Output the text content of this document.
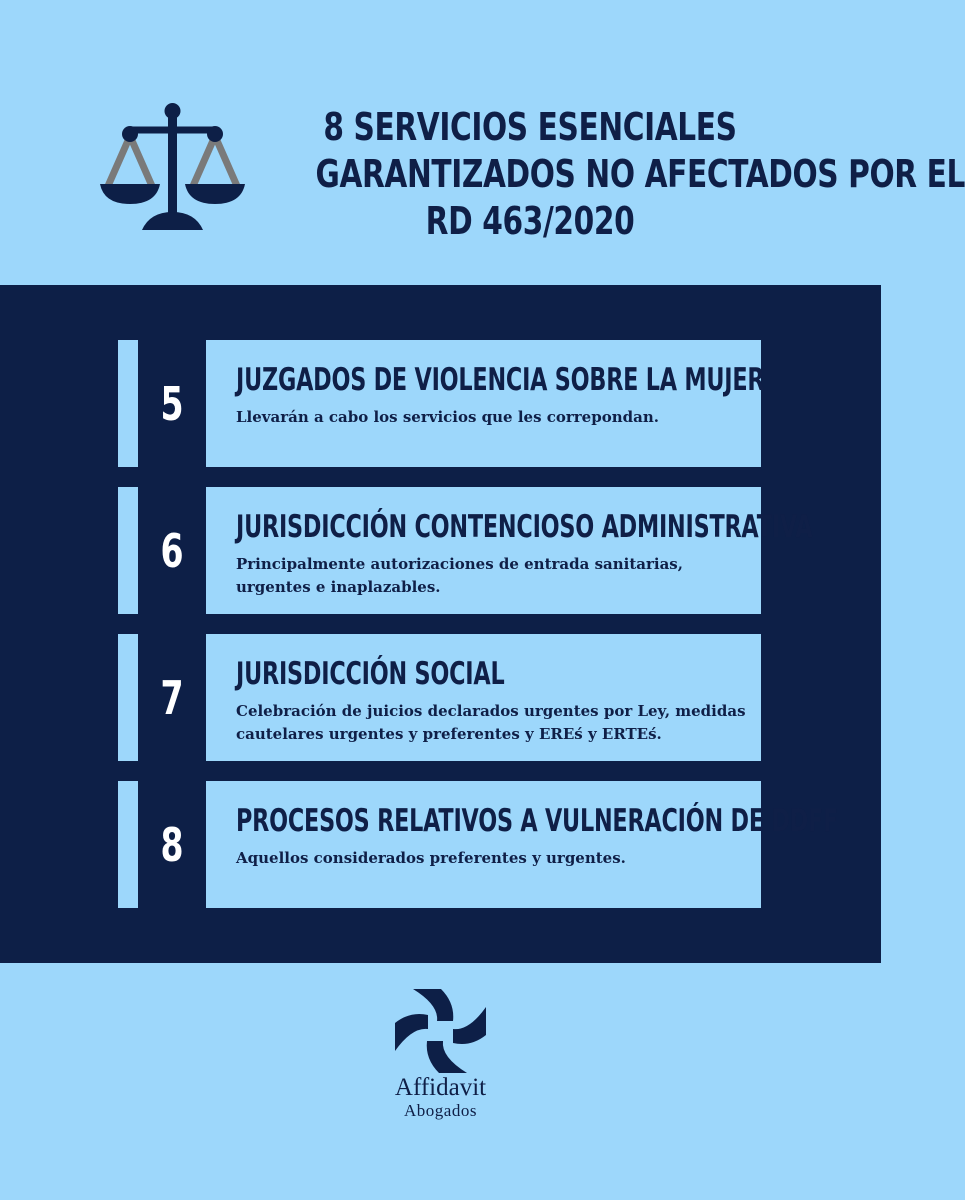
8 SERVICIOS ESENCIALES
GARANTIZADOS NO AFECTADOS POR EL
RD 463/2020
5 JUZGADOS DE VIOLENCIA SOBRE LA MUJER
Llevarán a cabo los servicios que les correpondan.
6 JURISDICCIÓN CONTENCIOSO ADMINISTRATIVA
Principalmente autorizaciones de entrada sanitarias, urgentes e inaplazables.
7 JURISDICCIÓN SOCIAL
Celebración de juicios declarados urgentes por Ley, medidas cautelares urgentes y preferentes y EREś y ERTEś.
8 PROCESOS RELATIVOS A VULNERACIÓN DE DDFF
Aquellos considerados preferentes y urgentes.
Affidavit
Abogados
